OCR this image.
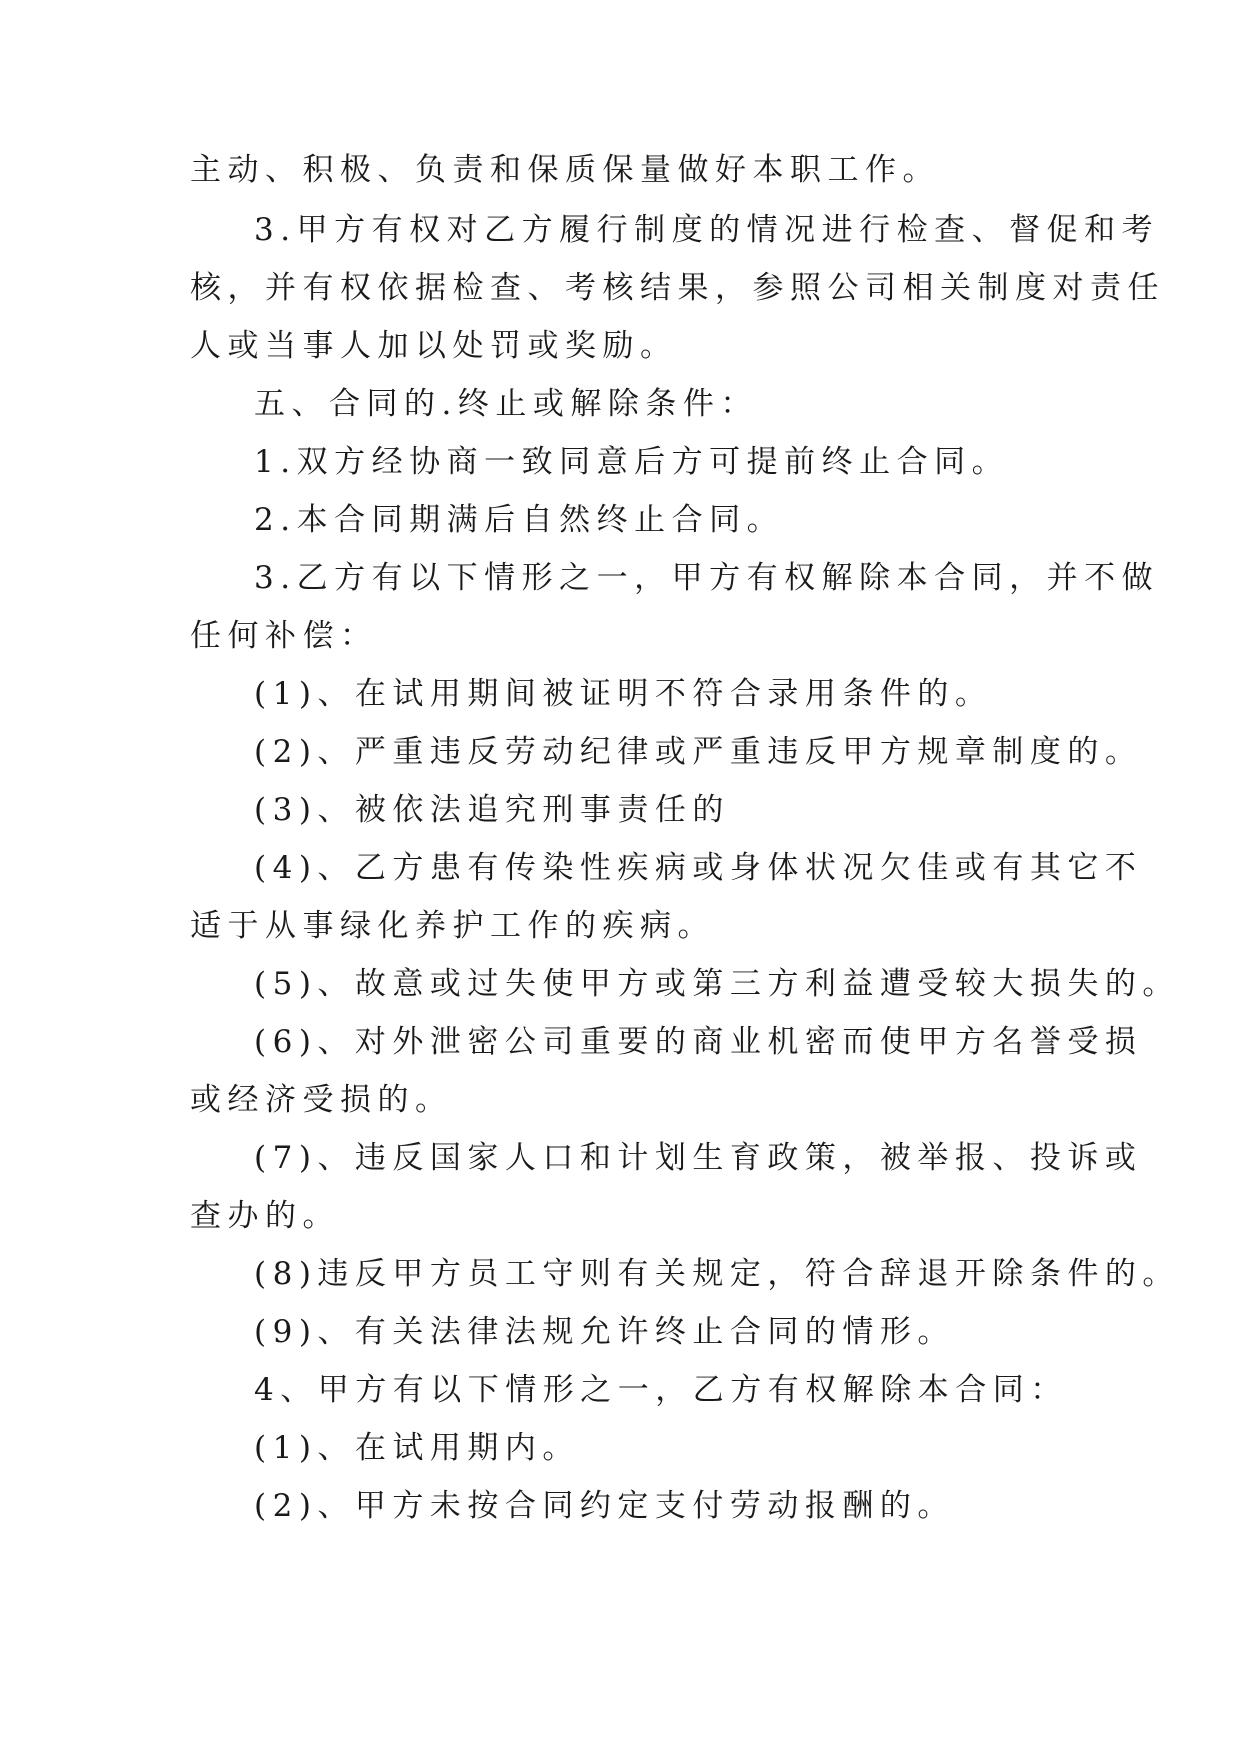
主动、积极、负责和保质保量做好本职工作。
3.甲方有权对乙方履行制度的情况进行检查、督促和考
核，并有权依据检查、考核结果，参照公司相关制度对责任
人或当事人加以处罚或奖励。
五、合同的.终止或解除条件：
1.双方经协商一致同意后方可提前终止合同。
2.本合同期满后自然终止合同。
3.乙方有以下情形之一，甲方有权解除本合同，并不做
任何补偿：
(1)、在试用期间被证明不符合录用条件的。
(2)、严重违反劳动纪律或严重违反甲方规章制度的。
(3)、被依法追究刑事责任的
(4)、乙方患有传染性疾病或身体状况欠佳或有其它不
适于从事绿化养护工作的疾病。
(5)、故意或过失使甲方或第三方利益遭受较大损失的。
(6)、对外泄密公司重要的商业机密而使甲方名誉受损
或经济受损的。
(7)、违反国家人口和计划生育政策，被举报、投诉或
查办的。
(8)违反甲方员工守则有关规定，符合辞退开除条件的。
(9)、有关法律法规允许终止合同的情形。
4、甲方有以下情形之一，乙方有权解除本合同：
(1)、在试用期内。
(2)、甲方未按合同约定支付劳动报酬的。
